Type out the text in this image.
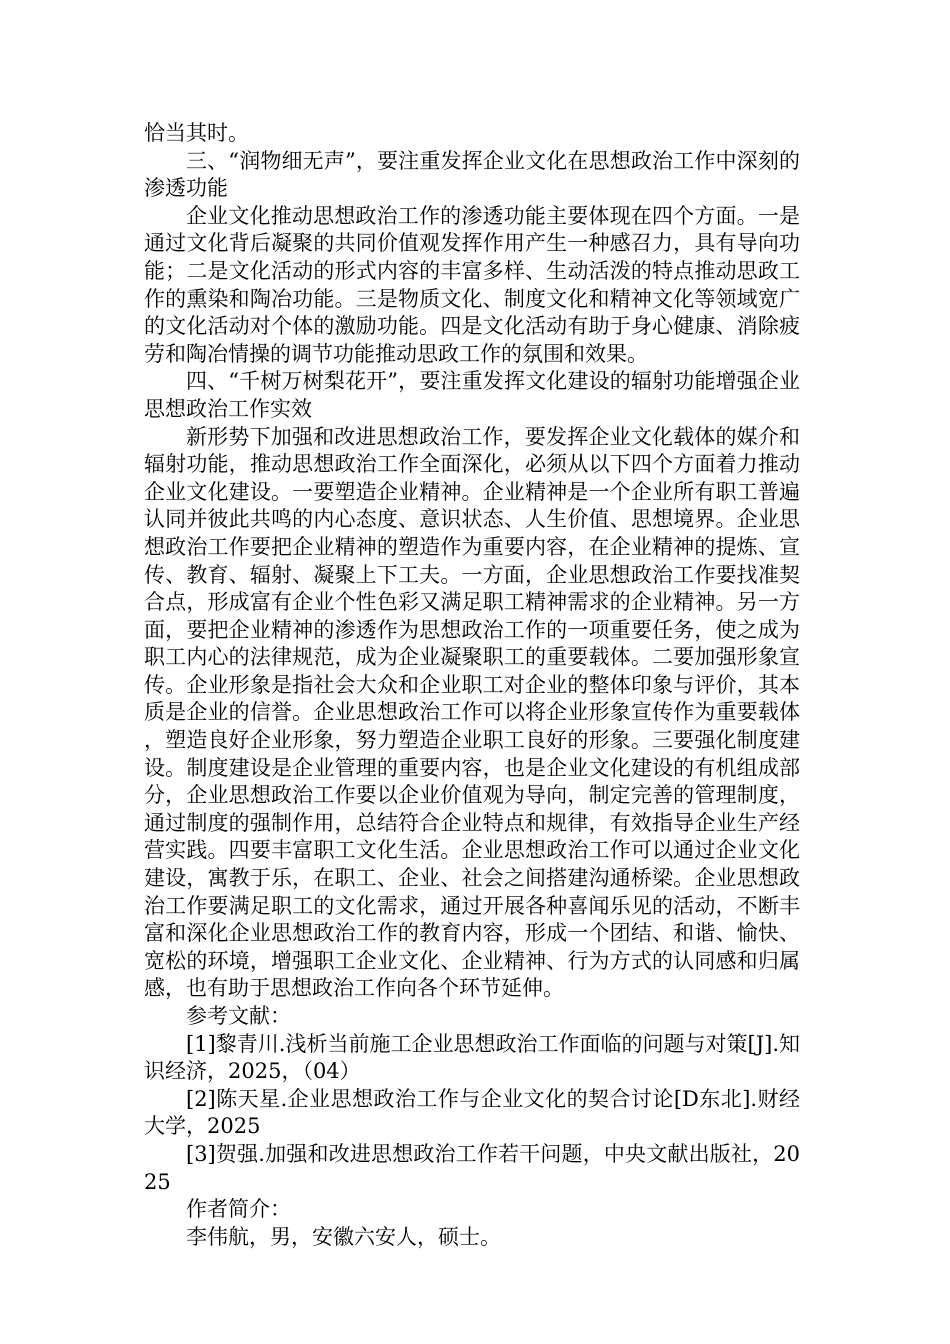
恰当其时。

三、“润物细无声”，要注重发挥企业文化在思想政治工作中深刻的渗透功能

企业文化推动思想政治工作的渗透功能主要体现在四个方面。一是通过文化背后凝聚的共同价值观发挥作用产生一种感召力，具有导向功能；二是文化活动的形式内容的丰富多样、生动活泼的特点推动思政工作的熏染和陶冶功能。三是物质文化、制度文化和精神文化等领域宽广的文化活动对个体的激励功能。四是文化活动有助于身心健康、消除疲劳和陶冶情操的调节功能推动思政工作的氛围和效果。

四、“千树万树梨花开”，要注重发挥文化建设的辐射功能增强企业思想政治工作实效

新形势下加强和改进思想政治工作，要发挥企业文化载体的媒介和辐射功能，推动思想政治工作全面深化，必须从以下四个方面着力推动企业文化建设。一要塑造企业精神。企业精神是一个企业所有职工普遍认同并彼此共鸣的内心态度、意识状态、人生价值、思想境界。企业思想政治工作要把企业精神的塑造作为重要内容，在企业精神的提炼、宣传、教育、辐射、凝聚上下工夫。一方面，企业思想政治工作要找准契合点，形成富有企业个性色彩又满足职工精神需求的企业精神。另一方面，要把企业精神的渗透作为思想政治工作的一项重要任务，使之成为职工内心的法律规范，成为企业凝聚职工的重要载体。二要加强形象宣传。企业形象是指社会大众和企业职工对企业的整体印象与评价，其本质是企业的信誉。企业思想政治工作可以将企业形象宣传作为重要载体，塑造良好企业形象，努力塑造企业职工良好的形象。三要强化制度建设。制度建设是企业管理的重要内容，也是企业文化建设的有机组成部分，企业思想政治工作要以企业价值观为导向，制定完善的管理制度，通过制度的强制作用，总结符合企业特点和规律，有效指导企业生产经营实践。四要丰富职工文化生活。企业思想政治工作可以通过企业文化建设，寓教于乐，在职工、企业、社会之间搭建沟通桥梁。企业思想政治工作要满足职工的文化需求，通过开展各种喜闻乐见的活动，不断丰富和深化企业思想政治工作的教育内容，形成一个团结、和谐、愉快、宽松的环境，增强职工企业文化、企业精神、行为方式的认同感和归属感，也有助于思想政治工作向各个环节延伸。

参考文献：

[1]黎青川.浅析当前施工企业思想政治工作面临的问题与对策[J].知识经济，2025，（04）

[2]陈天星.企业思想政治工作与企业文化的契合讨论[D东北].财经大学，2025

[3]贺强.加强和改进思想政治工作若干问题，中央文献出版社，2025

作者简介：

李伟航，男，安徽六安人，硕士。
